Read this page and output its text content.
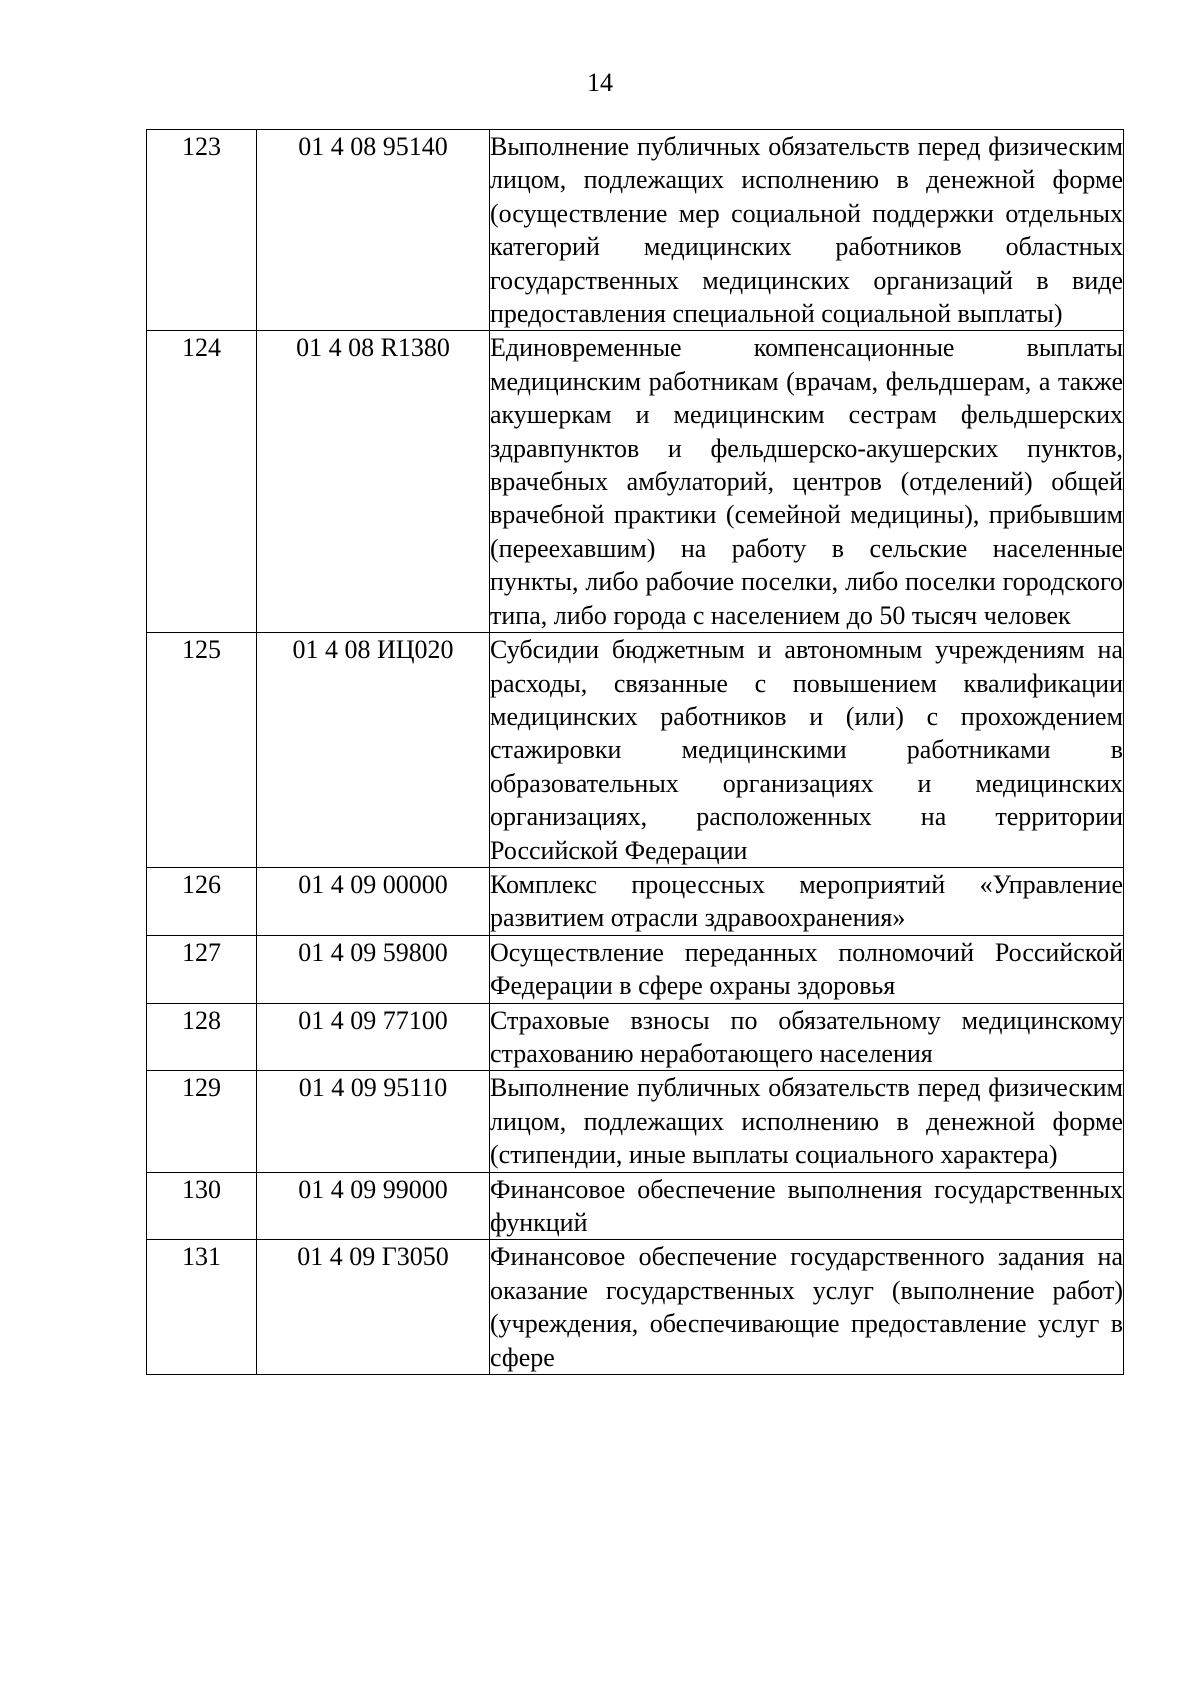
14
123	01 4 08 95140	Выполнение публичных обязательств перед физическим лицом, подлежащих исполнению в денежной форме (осуществление мер социальной поддержки отдельных категорий медицинских работников областных государственных медицинских организаций в виде предоставления специальной социальной выплаты)
124	01 4 08 R1380	Единовременные компенсационные выплаты медицинским работникам (врачам, фельдшерам, а также акушеркам и медицинским сестрам фельдшерских здравпунктов и фельдшерско-акушерских пунктов, врачебных амбулаторий, центров (отделений) общей врачебной практики (семейной медицины), прибывшим (переехавшим) на работу в сельские населенные пункты, либо рабочие поселки, либо поселки городского типа, либо города с населением до 50 тысяч человек
125	01 4 08 ИЦ020	Субсидии бюджетным и автономным учреждениям на расходы, связанные с повышением квалификации медицинских работников и (или) с прохождением стажировки медицинскими работниками в образовательных организациях и медицинских организациях, расположенных на территории Российской Федерации
126	01 4 09 00000	Комплекс процессных мероприятий «Управление развитием отрасли здравоохранения»
127	01 4 09 59800	Осуществление переданных полномочий Российской Федерации в сфере охраны здоровья
128	01 4 09 77100	Страховые взносы по обязательному медицинскому страхованию неработающего населения
129	01 4 09 95110	Выполнение публичных обязательств перед физическим лицом, подлежащих исполнению в денежной форме (стипендии, иные выплаты социального характера)
130	01 4 09 99000	Финансовое обеспечение выполнения государственных функций
131	01 4 09 Г3050	Финансовое обеспечение государственного задания на оказание государственных услуг (выполнение работ) (учреждения, обеспечивающие предоставление услуг в сфере
